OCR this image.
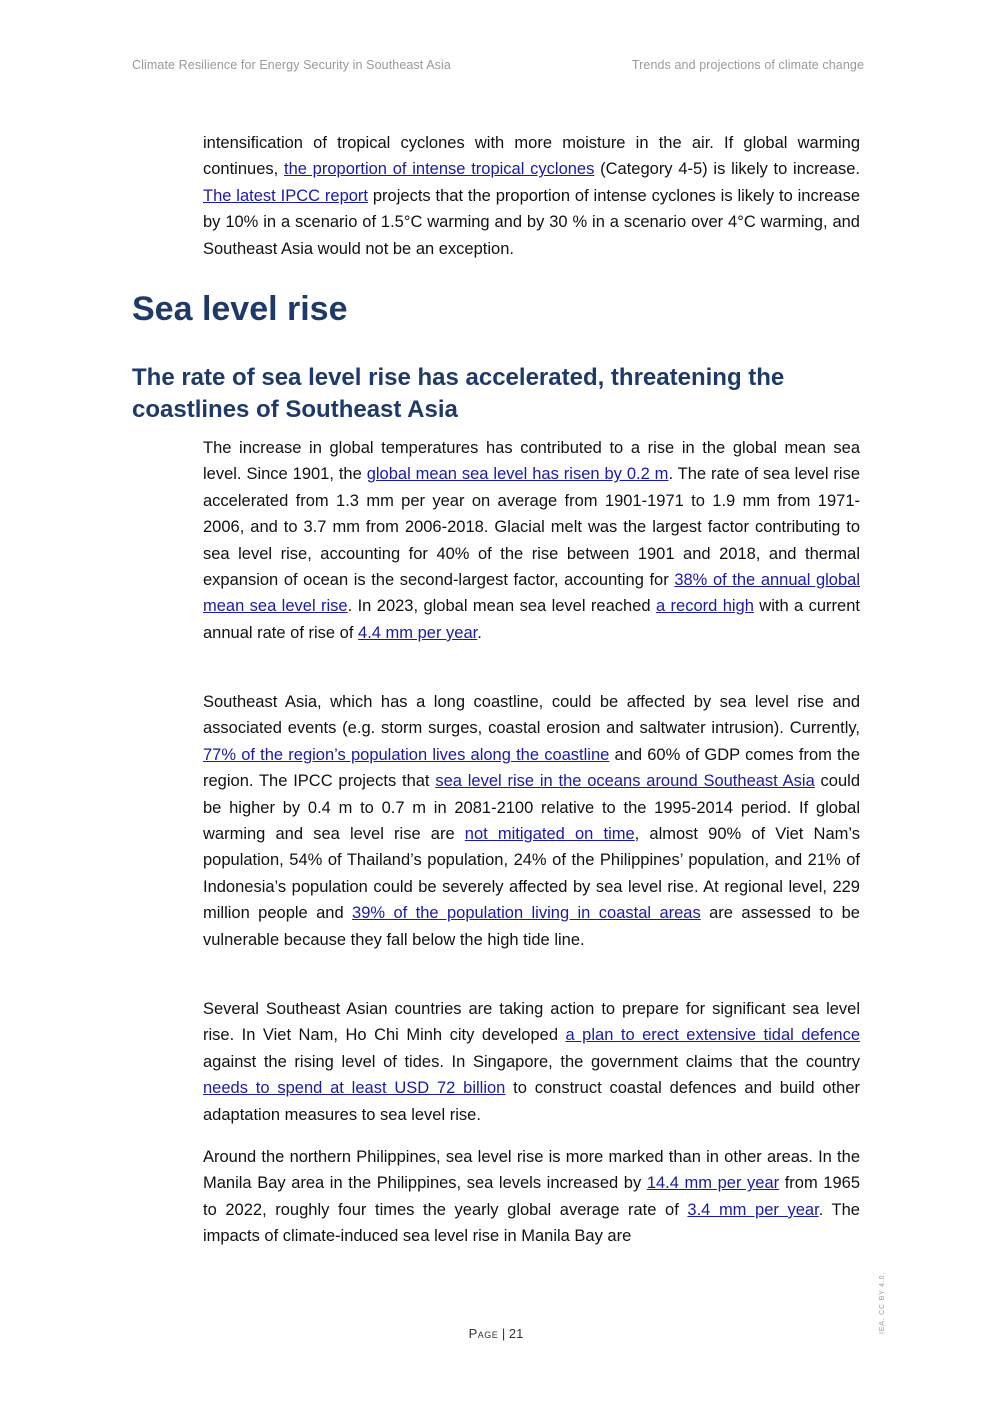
Climate Resilience for Energy Security in Southeast Asia	Trends and projections of climate change

intensification of tropical cyclones with more moisture in the air. If global warming continues, the proportion of intense tropical cyclones (Category 4-5) is likely to increase. The latest IPCC report projects that the proportion of intense cyclones is likely to increase by 10% in a scenario of 1.5°C warming and by 30 % in a scenario over 4°C warming, and Southeast Asia would not be an exception.

Sea level rise
The rate of sea level rise has accelerated, threatening the coastlines of Southeast Asia

The increase in global temperatures has contributed to a rise in the global mean sea level. Since 1901, the global mean sea level has risen by 0.2 m. The rate of sea level rise accelerated from 1.3 mm per year on average from 1901-1971 to 1.9 mm from 1971-2006, and to 3.7 mm from 2006-2018. Glacial melt was the largest factor contributing to sea level rise, accounting for 40% of the rise between 1901 and 2018, and thermal expansion of ocean is the second-largest factor, accounting for 38% of the annual global mean sea level rise. In 2023, global mean sea level reached a record high with a current annual rate of rise of 4.4 mm per year.

Southeast Asia, which has a long coastline, could be affected by sea level rise and associated events (e.g. storm surges, coastal erosion and saltwater intrusion). Currently, 77% of the region’s population lives along the coastline and 60% of GDP comes from the region. The IPCC projects that sea level rise in the oceans around Southeast Asia could be higher by 0.4 m to 0.7 m in 2081-2100 relative to the 1995-2014 period. If global warming and sea level rise are not mitigated on time, almost 90% of Viet Nam’s population, 54% of Thailand’s population, 24% of the Philippines’ population, and 21% of Indonesia’s population could be severely affected by sea level rise. At regional level, 229 million people and 39% of the population living in coastal areas are assessed to be vulnerable because they fall below the high tide line.

Several Southeast Asian countries are taking action to prepare for significant sea level rise. In Viet Nam, Ho Chi Minh city developed a plan to erect extensive tidal defence against the rising level of tides. In Singapore, the government claims that the country needs to spend at least USD 72 billion to construct coastal defences and build other adaptation measures to sea level rise.

Around the northern Philippines, sea level rise is more marked than in other areas. In the Manila Bay area in the Philippines, sea levels increased by 14.4 mm per year from 1965 to 2022, roughly four times the yearly global average rate of 3.4 mm per year. The impacts of climate-induced sea level rise in Manila Bay are

Page | 21	IEA. CC BY 4.0.
